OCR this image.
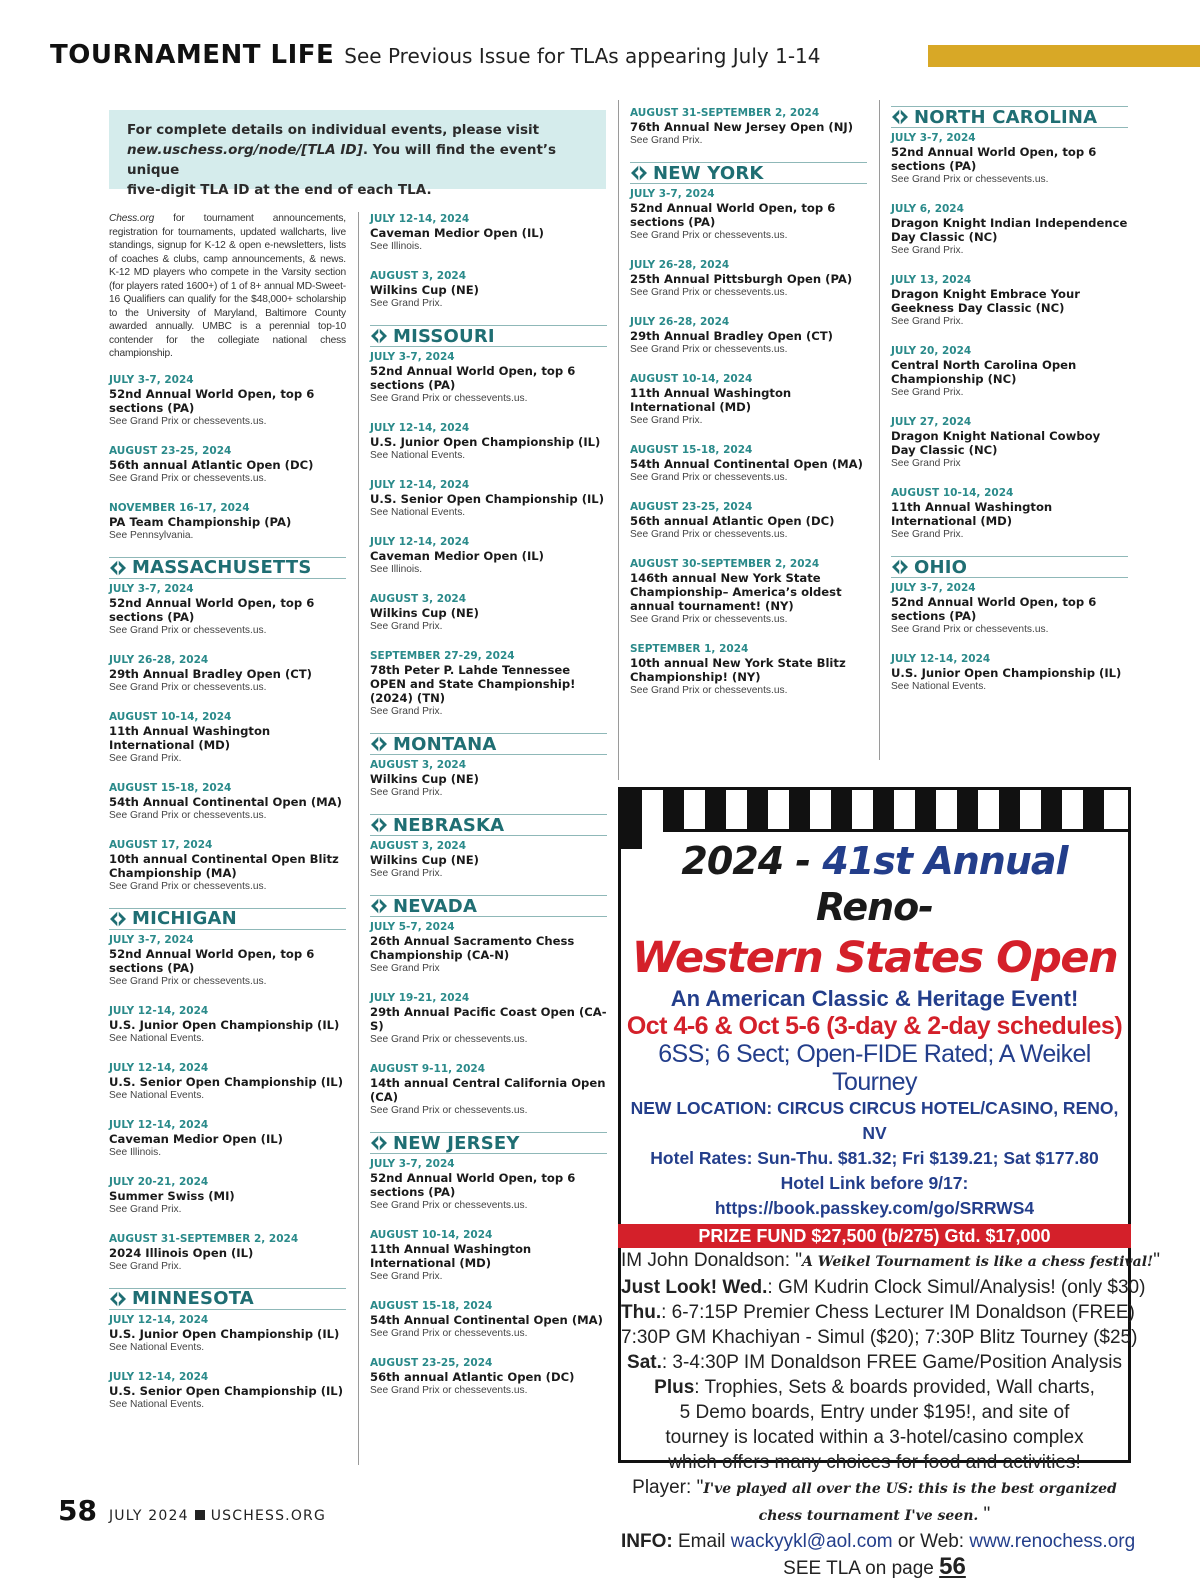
TOURNAMENT LIFE See Previous Issue for TLAs appearing July 1-14
For complete details on individual events, please visit
new.uschess.org/node/[TLA ID]. You will find the event’s unique
five-digit TLA ID at the end of each TLA.
Chess.org for tournament announcements, registration for tournaments, updated wallcharts, live standings, signup for K-12 & open e-newsletters, lists of coaches & clubs, camp announcements, & news. K-12 MD players who compete in the Varsity section (for players rated 1600+) of 1 of 8+ annual MD-Sweet-16 Qualifiers can qualify for the $48,000+ scholarship to the University of Maryland, Baltimore County awarded annually. UMBC is a perennial top-10 contender for the collegiate national chess championship.
JULY 3-7, 2024
52nd Annual World Open, top 6 sections (PA)
See Grand Prix or chessevents.us.
AUGUST 23-25, 2024
56th annual Atlantic Open (DC)
See Grand Prix or chessevents.us.
NOVEMBER 16-17, 2024
PA Team Championship (PA)
See Pennsylvania.
MASSACHUSETTS
JULY 3-7, 2024
52nd Annual World Open, top 6 sections (PA)
See Grand Prix or chessevents.us.
JULY 26-28, 2024
29th Annual Bradley Open (CT)
See Grand Prix or chessevents.us.
AUGUST 10-14, 2024
11th Annual Washington International (MD)
See Grand Prix.
AUGUST 15-18, 2024
54th Annual Continental Open (MA)
See Grand Prix or chessevents.us.
AUGUST 17, 2024
10th annual Continental Open Blitz Championship (MA)
See Grand Prix or chessevents.us.
MICHIGAN
JULY 3-7, 2024
52nd Annual World Open, top 6 sections (PA)
See Grand Prix or chessevents.us.
JULY 12-14, 2024
U.S. Junior Open Championship (IL)
See National Events.
JULY 12-14, 2024
U.S. Senior Open Championship (IL)
See National Events.
JULY 12-14, 2024
Caveman Medior Open (IL)
See Illinois.
JULY 20-21, 2024
Summer Swiss (MI)
See Grand Prix.
AUGUST 31-SEPTEMBER 2, 2024
2024 Illinois Open (IL)
See Grand Prix.
MINNESOTA
JULY 12-14, 2024
U.S. Junior Open Championship (IL)
See National Events.
JULY 12-14, 2024
U.S. Senior Open Championship (IL)
See National Events.
JULY 12-14, 2024
Caveman Medior Open (IL)
See Illinois.
AUGUST 3, 2024
Wilkins Cup (NE)
See Grand Prix.
MISSOURI
JULY 3-7, 2024
52nd Annual World Open, top 6 sections (PA)
See Grand Prix or chessevents.us.
JULY 12-14, 2024
U.S. Junior Open Championship (IL)
See National Events.
JULY 12-14, 2024
U.S. Senior Open Championship (IL)
See National Events.
JULY 12-14, 2024
Caveman Medior Open (IL)
See Illinois.
AUGUST 3, 2024
Wilkins Cup (NE)
See Grand Prix.
SEPTEMBER 27-29, 2024
78th Peter P. Lahde Tennessee OPEN and State Championship! (2024) (TN)
See Grand Prix.
MONTANA
AUGUST 3, 2024
Wilkins Cup (NE)
See Grand Prix.
NEBRASKA
AUGUST 3, 2024
Wilkins Cup (NE)
See Grand Prix.
NEVADA
JULY 5-7, 2024
26th Annual Sacramento Chess Championship (CA-N)
See Grand Prix
JULY 19-21, 2024
29th Annual Pacific Coast Open (CA-S)
See Grand Prix or chessevents.us.
AUGUST 9-11, 2024
14th annual Central California Open (CA)
See Grand Prix or chessevents.us.
NEW JERSEY
JULY 3-7, 2024
52nd Annual World Open, top 6 sections (PA)
See Grand Prix or chessevents.us.
AUGUST 10-14, 2024
11th Annual Washington International (MD)
See Grand Prix.
AUGUST 15-18, 2024
54th Annual Continental Open (MA)
See Grand Prix or chessevents.us.
AUGUST 23-25, 2024
56th annual Atlantic Open (DC)
See Grand Prix or chessevents.us.
AUGUST 31-SEPTEMBER 2, 2024
76th Annual New Jersey Open (NJ)
See Grand Prix.
NEW YORK
JULY 3-7, 2024
52nd Annual World Open, top 6 sections (PA)
See Grand Prix or chessevents.us.
JULY 26-28, 2024
25th Annual Pittsburgh Open (PA)
See Grand Prix or chessevents.us.
JULY 26-28, 2024
29th Annual Bradley Open (CT)
See Grand Prix or chessevents.us.
AUGUST 10-14, 2024
11th Annual Washington International (MD)
See Grand Prix.
AUGUST 15-18, 2024
54th Annual Continental Open (MA)
See Grand Prix or chessevents.us.
AUGUST 23-25, 2024
56th annual Atlantic Open (DC)
See Grand Prix or chessevents.us.
AUGUST 30-SEPTEMBER 2, 2024
146th annual New York State Championship– America’s oldest annual tournament! (NY)
See Grand Prix or chessevents.us.
SEPTEMBER 1, 2024
10th annual New York State Blitz Championship! (NY)
See Grand Prix or chessevents.us.
NORTH CAROLINA
JULY 3-7, 2024
52nd Annual World Open, top 6 sections (PA)
See Grand Prix or chessevents.us.
JULY 6, 2024
Dragon Knight Indian Independence Day Classic (NC)
See Grand Prix.
JULY 13, 2024
Dragon Knight Embrace Your Geekness Day Classic (NC)
See Grand Prix.
JULY 20, 2024
Central North Carolina Open Championship (NC)
See Grand Prix.
JULY 27, 2024
Dragon Knight National Cowboy Day Classic (NC)
See Grand Prix
AUGUST 10-14, 2024
11th Annual Washington International (MD)
See Grand Prix.
OHIO
JULY 3-7, 2024
52nd Annual World Open, top 6 sections (PA)
See Grand Prix or chessevents.us.
JULY 12-14, 2024
U.S. Junior Open Championship (IL)
See National Events.
2024 - 41st Annual Reno-
Western States Open
An American Classic & Heritage Event!
Oct 4-6 & Oct 5-6 (3-day & 2-day schedules)
6SS; 6 Sect; Open-FIDE Rated; A Weikel Tourney
NEW LOCATION: CIRCUS CIRCUS HOTEL/CASINO, RENO, NV
Hotel Rates: Sun-Thu. $81.32; Fri $139.21; Sat $177.80
Hotel Link before 9/17: https://book.passkey.com/go/SRRWS4
PRIZE FUND $27,500 (b/275) Gtd. $17,000
IM John Donaldson: "A Weikel Tournament is like a chess festival!"
Just Look! Wed.: GM Kudrin Clock Simul/Analysis! (only $30)
Thu.: 6-7:15P Premier Chess Lecturer IM Donaldson (FREE)
7:30P GM Khachiyan - Simul ($20); 7:30P Blitz Tourney ($25)
Sat.: 3-4:30P IM Donaldson FREE Game/Position Analysis
Plus: Trophies, Sets & boards provided, Wall charts,
5 Demo boards, Entry under $195!, and site of
tourney is located within a 3-hotel/casino complex
which offers many choices for food and activities!
Player: "I've played all over the US: this is the best organized
chess tournament I've seen. "
INFO: Email wackyykl@aol.com or Web: www.renochess.org
SEE TLA on page 56
58 JULY 2024 USCHESS.ORG
